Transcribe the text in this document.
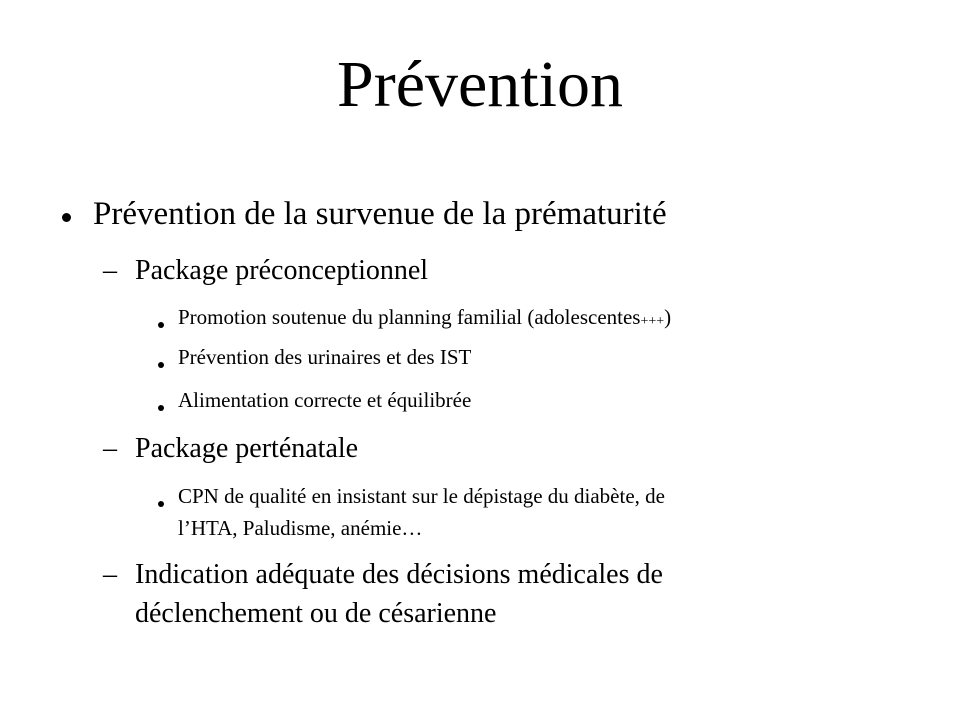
Prévention
Prévention de la survenue de la prématurité
– Package préconceptionnel
Promotion soutenue du planning familial (adolescentes+++)
Prévention des urinaires et des IST
Alimentation correcte et équilibrée
– Package perténatale
CPN de qualité en insistant sur le dépistage du diabète, de
l’HTA, Paludisme, anémie…
– Indication adéquate des décisions médicales de
déclenchement ou de césarienne
